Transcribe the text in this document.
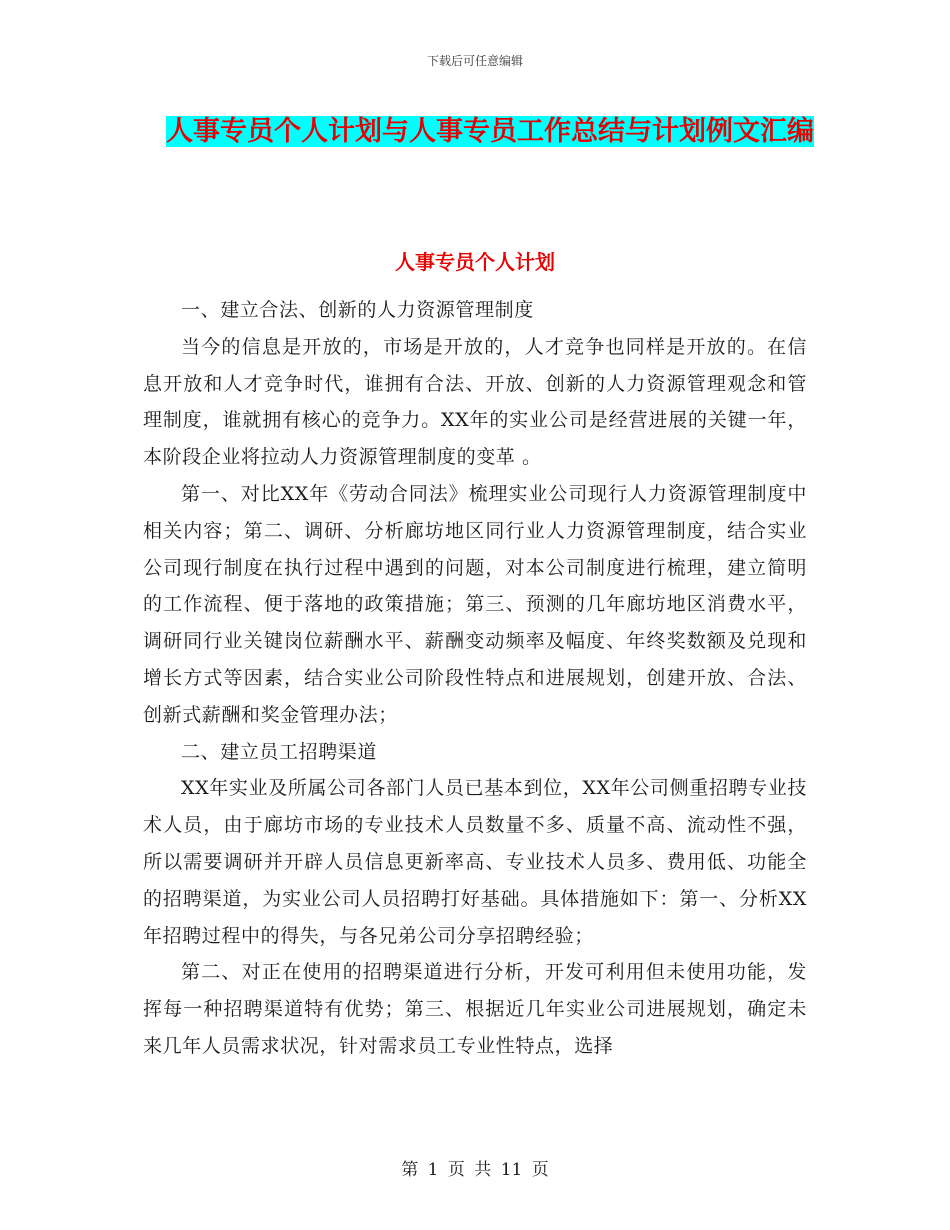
下载后可任意编辑
人事专员个人计划与人事专员工作总结与计划例文汇编
人事专员个人计划

一、建立合法、创新的人力资源管理制度

当今的信息是开放的，市场是开放的，人才竞争也同样是开放的。在信息开放和人才竞争时代，谁拥有合法、开放、创新的人力资源管理观念和管理制度，谁就拥有核心的竞争力。XX年的实业公司是经营进展的关键一年，本阶段企业将拉动人力资源管理制度的变革 。

第一、对比XX年《劳动合同法》梳理实业公司现行人力资源管理制度中相关内容；第二、调研、分析廊坊地区同行业人力资源管理制度，结合实业公司现行制度在执行过程中遇到的问题，对本公司制度进行梳理，建立简明的工作流程、便于落地的政策措施；第三、预测的几年廊坊地区消费水平，调研同行业关键岗位薪酬水平、薪酬变动频率及幅度、年终奖数额及兑现和增长方式等因素，结合实业公司阶段性特点和进展规划，创建开放、合法、创新式薪酬和奖金管理办法；

二、建立员工招聘渠道

XX年实业及所属公司各部门人员已基本到位，XX年公司侧重招聘专业技术人员，由于廊坊市场的专业技术人员数量不多、质量不高、流动性不强，所以需要调研并开辟人员信息更新率高、专业技术人员多、费用低、功能全的招聘渠道，为实业公司人员招聘打好基础。具体措施如下：第一、分析XX年招聘过程中的得失，与各兄弟公司分享招聘经验；

第二、对正在使用的招聘渠道进行分析，开发可利用但未使用功能，发挥每一种招聘渠道特有优势；第三、根据近几年实业公司进展规划，确定未来几年人员需求状况，针对需求员工专业性特点，选择

第 1 页 共 11 页
